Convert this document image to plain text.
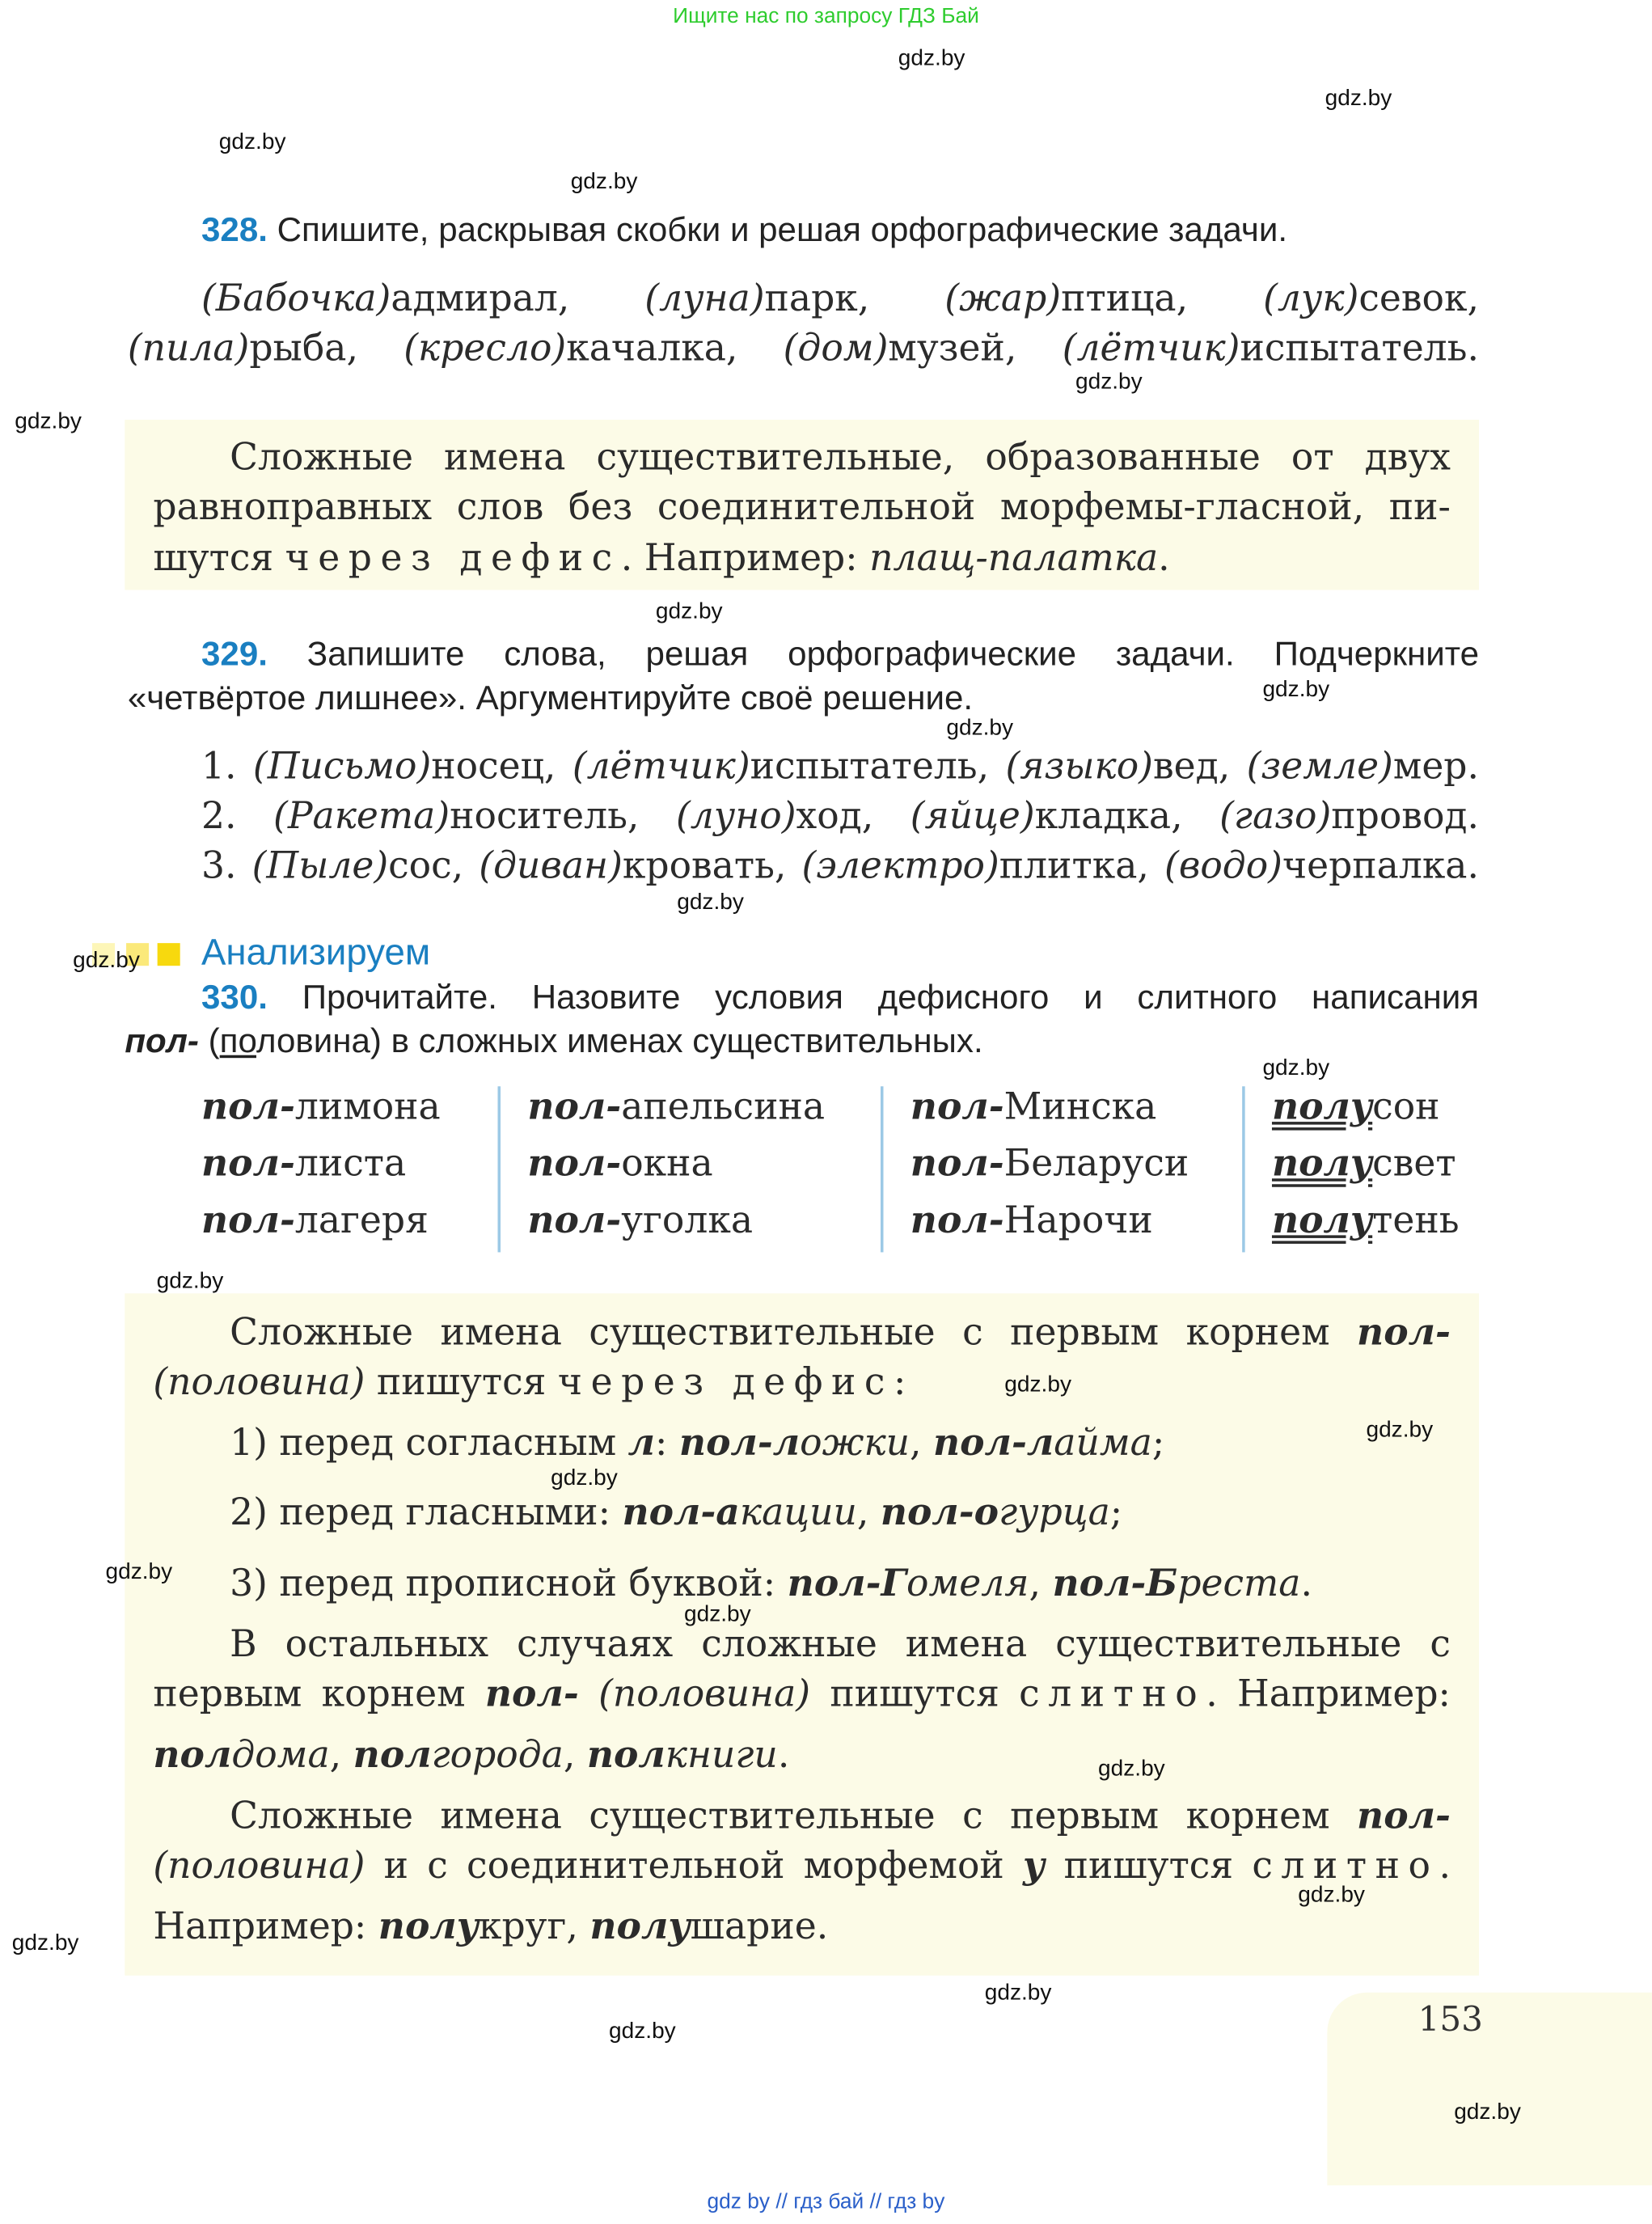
Ищите нас по запросу ГДЗ Бай
328. Спишите, раскрывая скобки и решая орфографические задачи.
(Бабочка)адмирал, (луна)парк, (жар)птица, (лук)севок,
(пила)рыба, (кресло)качалка, (дом)музей, (лётчик)испытатель.
Сложные имена существительные, образованные от двух
равноправных слов без соединительной морфемы-гласной, пи-
шутся через дефис. Например: плащ-палатка.
329. Запишите слова, решая орфографические задачи. Подчеркните
«четвёртое лишнее». Аргументируйте своё решение.
1. (Письмо)носец, (лётчик)испытатель, (языко)вед, (земле)мер.
2. (Ракета)носитель, (луно)ход, (яйце)кладка, (газо)провод.
3. (Пыле)сос, (диван)кровать, (электро)плитка, (водо)черпалка.
Анализируем
330. Прочитайте. Назовите условия дефисного и слитного написания
пол- (половина) в сложных именах существительных.
пол-лимона
пол-листа
пол-лагеря
пол-апельсина
пол-окна
пол-уголка
пол-Минска
пол-Беларуси
пол-Нарочи
полусон
полусвет
полутень
Сложные имена существительные с первым корнем пол-
(половина) пишутся через дефис:
1) перед согласным л: пол-ложки, пол-лайма;
2) перед гласными: пол-акации, пол-огурца;
3) перед прописной буквой: пол-Гомеля, пол-Бреста.
В остальных случаях сложные имена существительные с
первым корнем пол- (половина) пишутся слитно. Например:
полдома, полгорода, полкниги.
Сложные имена существительные с первым корнем пол-
(половина) и с соединительной морфемой у пишутся слитно.
Например: полукруг, полушарие.
153
gdz by // гдз бай // гдз by
gdz.by
gdz.by
gdz.by
gdz.by
gdz.by
gdz.by
gdz.by
gdz.by
gdz.by
gdz.by
gdz.by
gdz.by
gdz.by
gdz.by
gdz.by
gdz.by
gdz.by
gdz.by
gdz.by
gdz.by
gdz.by
gdz.by
gdz.by
gdz.by
